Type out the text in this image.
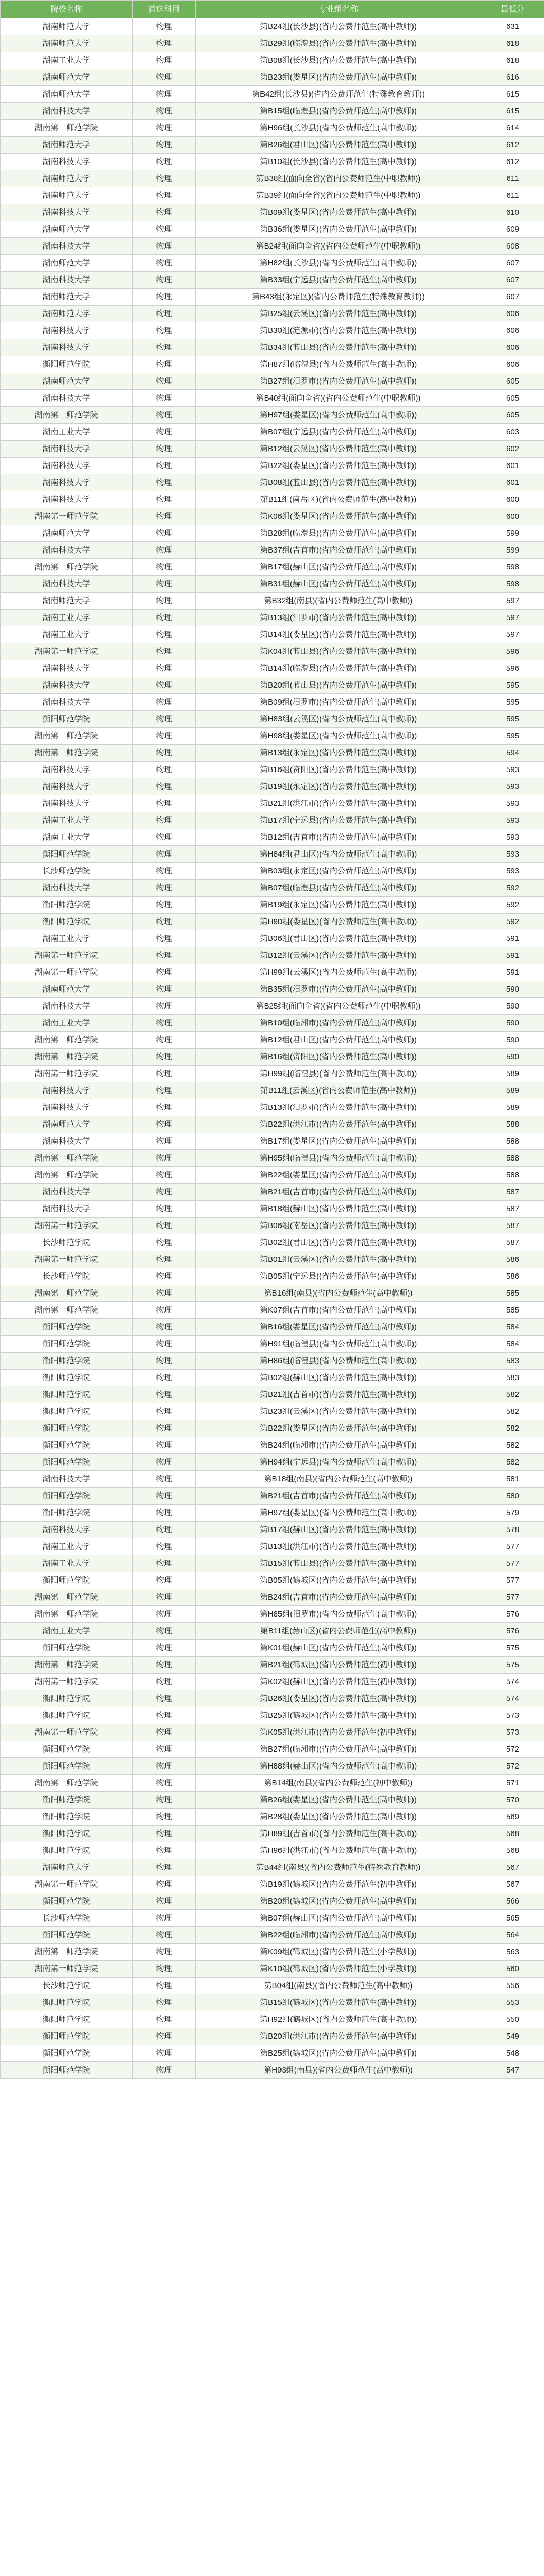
院校名称	首选科目	专业组名称	最低分
湖南师范大学	物理	第B24组(长沙县)(省内公费师范生(高中教师))	631
湖南师范大学	物理	第B29组(临澧县)(省内公费师范生(高中教师))	618
湖南工业大学	物理	第B08组(长沙县)(省内公费师范生(高中教师))	618
湖南师范大学	物理	第B23组(娄星区)(省内公费师范生(高中教师))	616
湖南师范大学	物理	第B42组(长沙县)(省内公费师范生(特殊教育教师))	615
湖南科技大学	物理	第B15组(临澧县)(省内公费师范生(高中教师))	615
湖南第一师范学院	物理	第H96组(长沙县)(省内公费师范生(高中教师))	614
湖南师范大学	物理	第B26组(君山区)(省内公费师范生(高中教师))	612
湖南科技大学	物理	第B10组(长沙县)(省内公费师范生(高中教师))	612
湖南师范大学	物理	第B38组(面向全省)(省内公费师范生(中职教师))	611
湖南师范大学	物理	第B39组(面向全省)(省内公费师范生(中职教师))	611
湖南科技大学	物理	第B09组(娄星区)(省内公费师范生(高中教师))	610
湖南师范大学	物理	第B36组(娄星区)(省内公费师范生(高中教师))	609
湖南科技大学	物理	第B24组(面向全省)(省内公费师范生(中职教师))	608
湖南师范大学	物理	第H82组(长沙县)(省内公费师范生(高中教师))	607
湖南科技大学	物理	第B33组(宁远县)(省内公费师范生(高中教师))	607
湖南师范大学	物理	第B43组(永定区)(省内公费师范生(特殊教育教师))	607
湖南师范大学	物理	第B25组(云溪区)(省内公费师范生(高中教师))	606
湖南科技大学	物理	第B30组(涟源市)(省内公费师范生(高中教师))	606
湖南科技大学	物理	第B34组(蓝山县)(省内公费师范生(高中教师))	606
衡阳师范学院	物理	第H87组(临澧县)(省内公费师范生(高中教师))	606
湖南师范大学	物理	第B27组(汨罗市)(省内公费师范生(高中教师))	605
湖南科技大学	物理	第B40组(面向全省)(省内公费师范生(中职教师))	605
湖南第一师范学院	物理	第H97组(娄星区)(省内公费师范生(高中教师))	605
湖南工业大学	物理	第B07组(宁远县)(省内公费师范生(高中教师))	603
湖南科技大学	物理	第B12组(云溪区)(省内公费师范生(高中教师))	602
湖南科技大学	物理	第B22组(娄星区)(省内公费师范生(高中教师))	601
湖南科技大学	物理	第B08组(蓝山县)(省内公费师范生(高中教师))	601
湖南科技大学	物理	第B11组(南岳区)(省内公费师范生(高中教师))	600
湖南第一师范学院	物理	第K06组(娄星区)(省内公费师范生(高中教师))	600
湖南师范大学	物理	第B28组(临澧县)(省内公费师范生(高中教师))	599
湖南科技大学	物理	第B37组(吉首市)(省内公费师范生(高中教师))	599
湖南第一师范学院	物理	第B17组(赫山区)(省内公费师范生(高中教师))	598
湖南科技大学	物理	第B31组(赫山区)(省内公费师范生(高中教师))	598
湖南师范大学	物理	第B32组(南县)(省内公费师范生(高中教师))	597
湖南工业大学	物理	第B13组(汨罗市)(省内公费师范生(高中教师))	597
湖南工业大学	物理	第B14组(娄星区)(省内公费师范生(高中教师))	597
湖南第一师范学院	物理	第K04组(蓝山县)(省内公费师范生(高中教师))	596
湖南科技大学	物理	第B14组(临澧县)(省内公费师范生(高中教师))	596
湖南科技大学	物理	第B20组(蓝山县)(省内公费师范生(高中教师))	595
湖南科技大学	物理	第B09组(汨罗市)(省内公费师范生(高中教师))	595
衡阳师范学院	物理	第H83组(云溪区)(省内公费师范生(高中教师))	595
湖南第一师范学院	物理	第H98组(娄星区)(省内公费师范生(高中教师))	595
湖南第一师范学院	物理	第B13组(永定区)(省内公费师范生(高中教师))	594
湖南科技大学	物理	第B16组(资阳区)(省内公费师范生(高中教师))	593
湖南科技大学	物理	第B19组(永定区)(省内公费师范生(高中教师))	593
湖南科技大学	物理	第B21组(洪江市)(省内公费师范生(高中教师))	593
湖南工业大学	物理	第B17组(宁远县)(省内公费师范生(高中教师))	593
湖南工业大学	物理	第B12组(吉首市)(省内公费师范生(高中教师))	593
衡阳师范学院	物理	第H84组(君山区)(省内公费师范生(高中教师))	593
长沙师范学院	物理	第B03组(永定区)(省内公费师范生(高中教师))	593
湖南科技大学	物理	第B07组(临澧县)(省内公费师范生(高中教师))	592
衡阳师范学院	物理	第B19组(永定区)(省内公费师范生(高中教师))	592
衡阳师范学院	物理	第H90组(娄星区)(省内公费师范生(高中教师))	592
湖南工业大学	物理	第B06组(君山区)(省内公费师范生(高中教师))	591
湖南第一师范学院	物理	第B12组(云溪区)(省内公费师范生(高中教师))	591
湖南第一师范学院	物理	第H99组(云溪区)(省内公费师范生(高中教师))	591
湖南师范大学	物理	第B35组(汨罗市)(省内公费师范生(高中教师))	590
湖南科技大学	物理	第B25组(面向全省)(省内公费师范生(中职教师))	590
湖南工业大学	物理	第B10组(临湘市)(省内公费师范生(高中教师))	590
湖南第一师范学院	物理	第B12组(君山区)(省内公费师范生(高中教师))	590
湖南第一师范学院	物理	第B16组(资阳区)(省内公费师范生(高中教师))	590
湖南第一师范学院	物理	第H99组(临澧县)(省内公费师范生(高中教师))	589
湖南科技大学	物理	第B11组(云溪区)(省内公费师范生(高中教师))	589
湖南科技大学	物理	第B13组(汨罗市)(省内公费师范生(高中教师))	589
湖南师范大学	物理	第B22组(洪江市)(省内公费师范生(高中教师))	588
湖南科技大学	物理	第B17组(娄星区)(省内公费师范生(高中教师))	588
湖南第一师范学院	物理	第H95组(临澧县)(省内公费师范生(高中教师))	588
湖南第一师范学院	物理	第B22组(娄星区)(省内公费师范生(高中教师))	588
湖南科技大学	物理	第B21组(吉首市)(省内公费师范生(高中教师))	587
湖南科技大学	物理	第B18组(赫山区)(省内公费师范生(高中教师))	587
湖南第一师范学院	物理	第B06组(南岳区)(省内公费师范生(高中教师))	587
长沙师范学院	物理	第B02组(君山区)(省内公费师范生(高中教师))	587
湖南第一师范学院	物理	第B01组(云溪区)(省内公费师范生(高中教师))	586
长沙师范学院	物理	第B05组(宁远县)(省内公费师范生(高中教师))	586
湖南第一师范学院	物理	第B16组(南县)(省内公费师范生(高中教师))	585
湖南第一师范学院	物理	第K07组(吉首市)(省内公费师范生(高中教师))	585
衡阳师范学院	物理	第B16组(娄星区)(省内公费师范生(高中教师))	584
衡阳师范学院	物理	第H91组(临澧县)(省内公费师范生(高中教师))	584
衡阳师范学院	物理	第H86组(临澧县)(省内公费师范生(高中教师))	583
衡阳师范学院	物理	第B02组(赫山区)(省内公费师范生(高中教师))	583
衡阳师范学院	物理	第B21组(吉首市)(省内公费师范生(高中教师))	582
衡阳师范学院	物理	第B23组(云溪区)(省内公费师范生(高中教师))	582
衡阳师范学院	物理	第B22组(娄星区)(省内公费师范生(高中教师))	582
衡阳师范学院	物理	第B24组(临湘市)(省内公费师范生(高中教师))	582
衡阳师范学院	物理	第H94组(宁远县)(省内公费师范生(高中教师))	582
湖南科技大学	物理	第B18组(南县)(省内公费师范生(高中教师))	581
衡阳师范学院	物理	第B21组(吉首市)(省内公费师范生(高中教师))	580
衡阳师范学院	物理	第H97组(娄星区)(省内公费师范生(高中教师))	579
湖南科技大学	物理	第B17组(赫山区)(省内公费师范生(高中教师))	578
湖南工业大学	物理	第B13组(洪江市)(省内公费师范生(高中教师))	577
湖南工业大学	物理	第B15组(蓝山县)(省内公费师范生(高中教师))	577
衡阳师范学院	物理	第B05组(鹤城区)(省内公费师范生(高中教师))	577
湖南第一师范学院	物理	第B24组(吉首市)(省内公费师范生(高中教师))	577
湖南第一师范学院	物理	第H85组(汨罗市)(省内公费师范生(高中教师))	576
湖南工业大学	物理	第B11组(赫山区)(省内公费师范生(高中教师))	576
衡阳师范学院	物理	第K01组(赫山区)(省内公费师范生(高中教师))	575
湖南第一师范学院	物理	第B21组(鹤城区)(省内公费师范生(初中教师))	575
湖南第一师范学院	物理	第K02组(赫山区)(省内公费师范生(初中教师))	574
衡阳师范学院	物理	第B26组(娄星区)(省内公费师范生(高中教师))	574
衡阳师范学院	物理	第B25组(鹤城区)(省内公费师范生(高中教师))	573
湖南第一师范学院	物理	第K05组(洪江市)(省内公费师范生(初中教师))	573
衡阳师范学院	物理	第B27组(临湘市)(省内公费师范生(高中教师))	572
衡阳师范学院	物理	第H88组(赫山区)(省内公费师范生(高中教师))	572
湖南第一师范学院	物理	第B14组(南县)(省内公费师范生(初中教师))	571
衡阳师范学院	物理	第B26组(娄星区)(省内公费师范生(高中教师))	570
衡阳师范学院	物理	第B28组(娄星区)(省内公费师范生(高中教师))	569
衡阳师范学院	物理	第H89组(吉首市)(省内公费师范生(高中教师))	568
衡阳师范学院	物理	第H96组(洪江市)(省内公费师范生(高中教师))	568
湖南师范大学	物理	第B44组(南县)(省内公费师范生(特殊教育教师))	567
湖南第一师范学院	物理	第B19组(鹤城区)(省内公费师范生(初中教师))	567
衡阳师范学院	物理	第B20组(鹤城区)(省内公费师范生(高中教师))	566
长沙师范学院	物理	第B07组(赫山区)(省内公费师范生(高中教师))	565
衡阳师范学院	物理	第B22组(临湘市)(省内公费师范生(高中教师))	564
湖南第一师范学院	物理	第K09组(鹤城区)(省内公费师范生(小学教师))	563
湖南第一师范学院	物理	第K10组(鹤城区)(省内公费师范生(小学教师))	560
长沙师范学院	物理	第B04组(南县)(省内公费师范生(高中教师))	556
衡阳师范学院	物理	第B15组(鹤城区)(省内公费师范生(高中教师))	553
衡阳师范学院	物理	第H92组(鹤城区)(省内公费师范生(高中教师))	550
衡阳师范学院	物理	第B20组(洪江市)(省内公费师范生(高中教师))	549
衡阳师范学院	物理	第B25组(鹤城区)(省内公费师范生(高中教师))	548
衡阳师范学院	物理	第H93组(南县)(省内公费师范生(高中教师))	547
